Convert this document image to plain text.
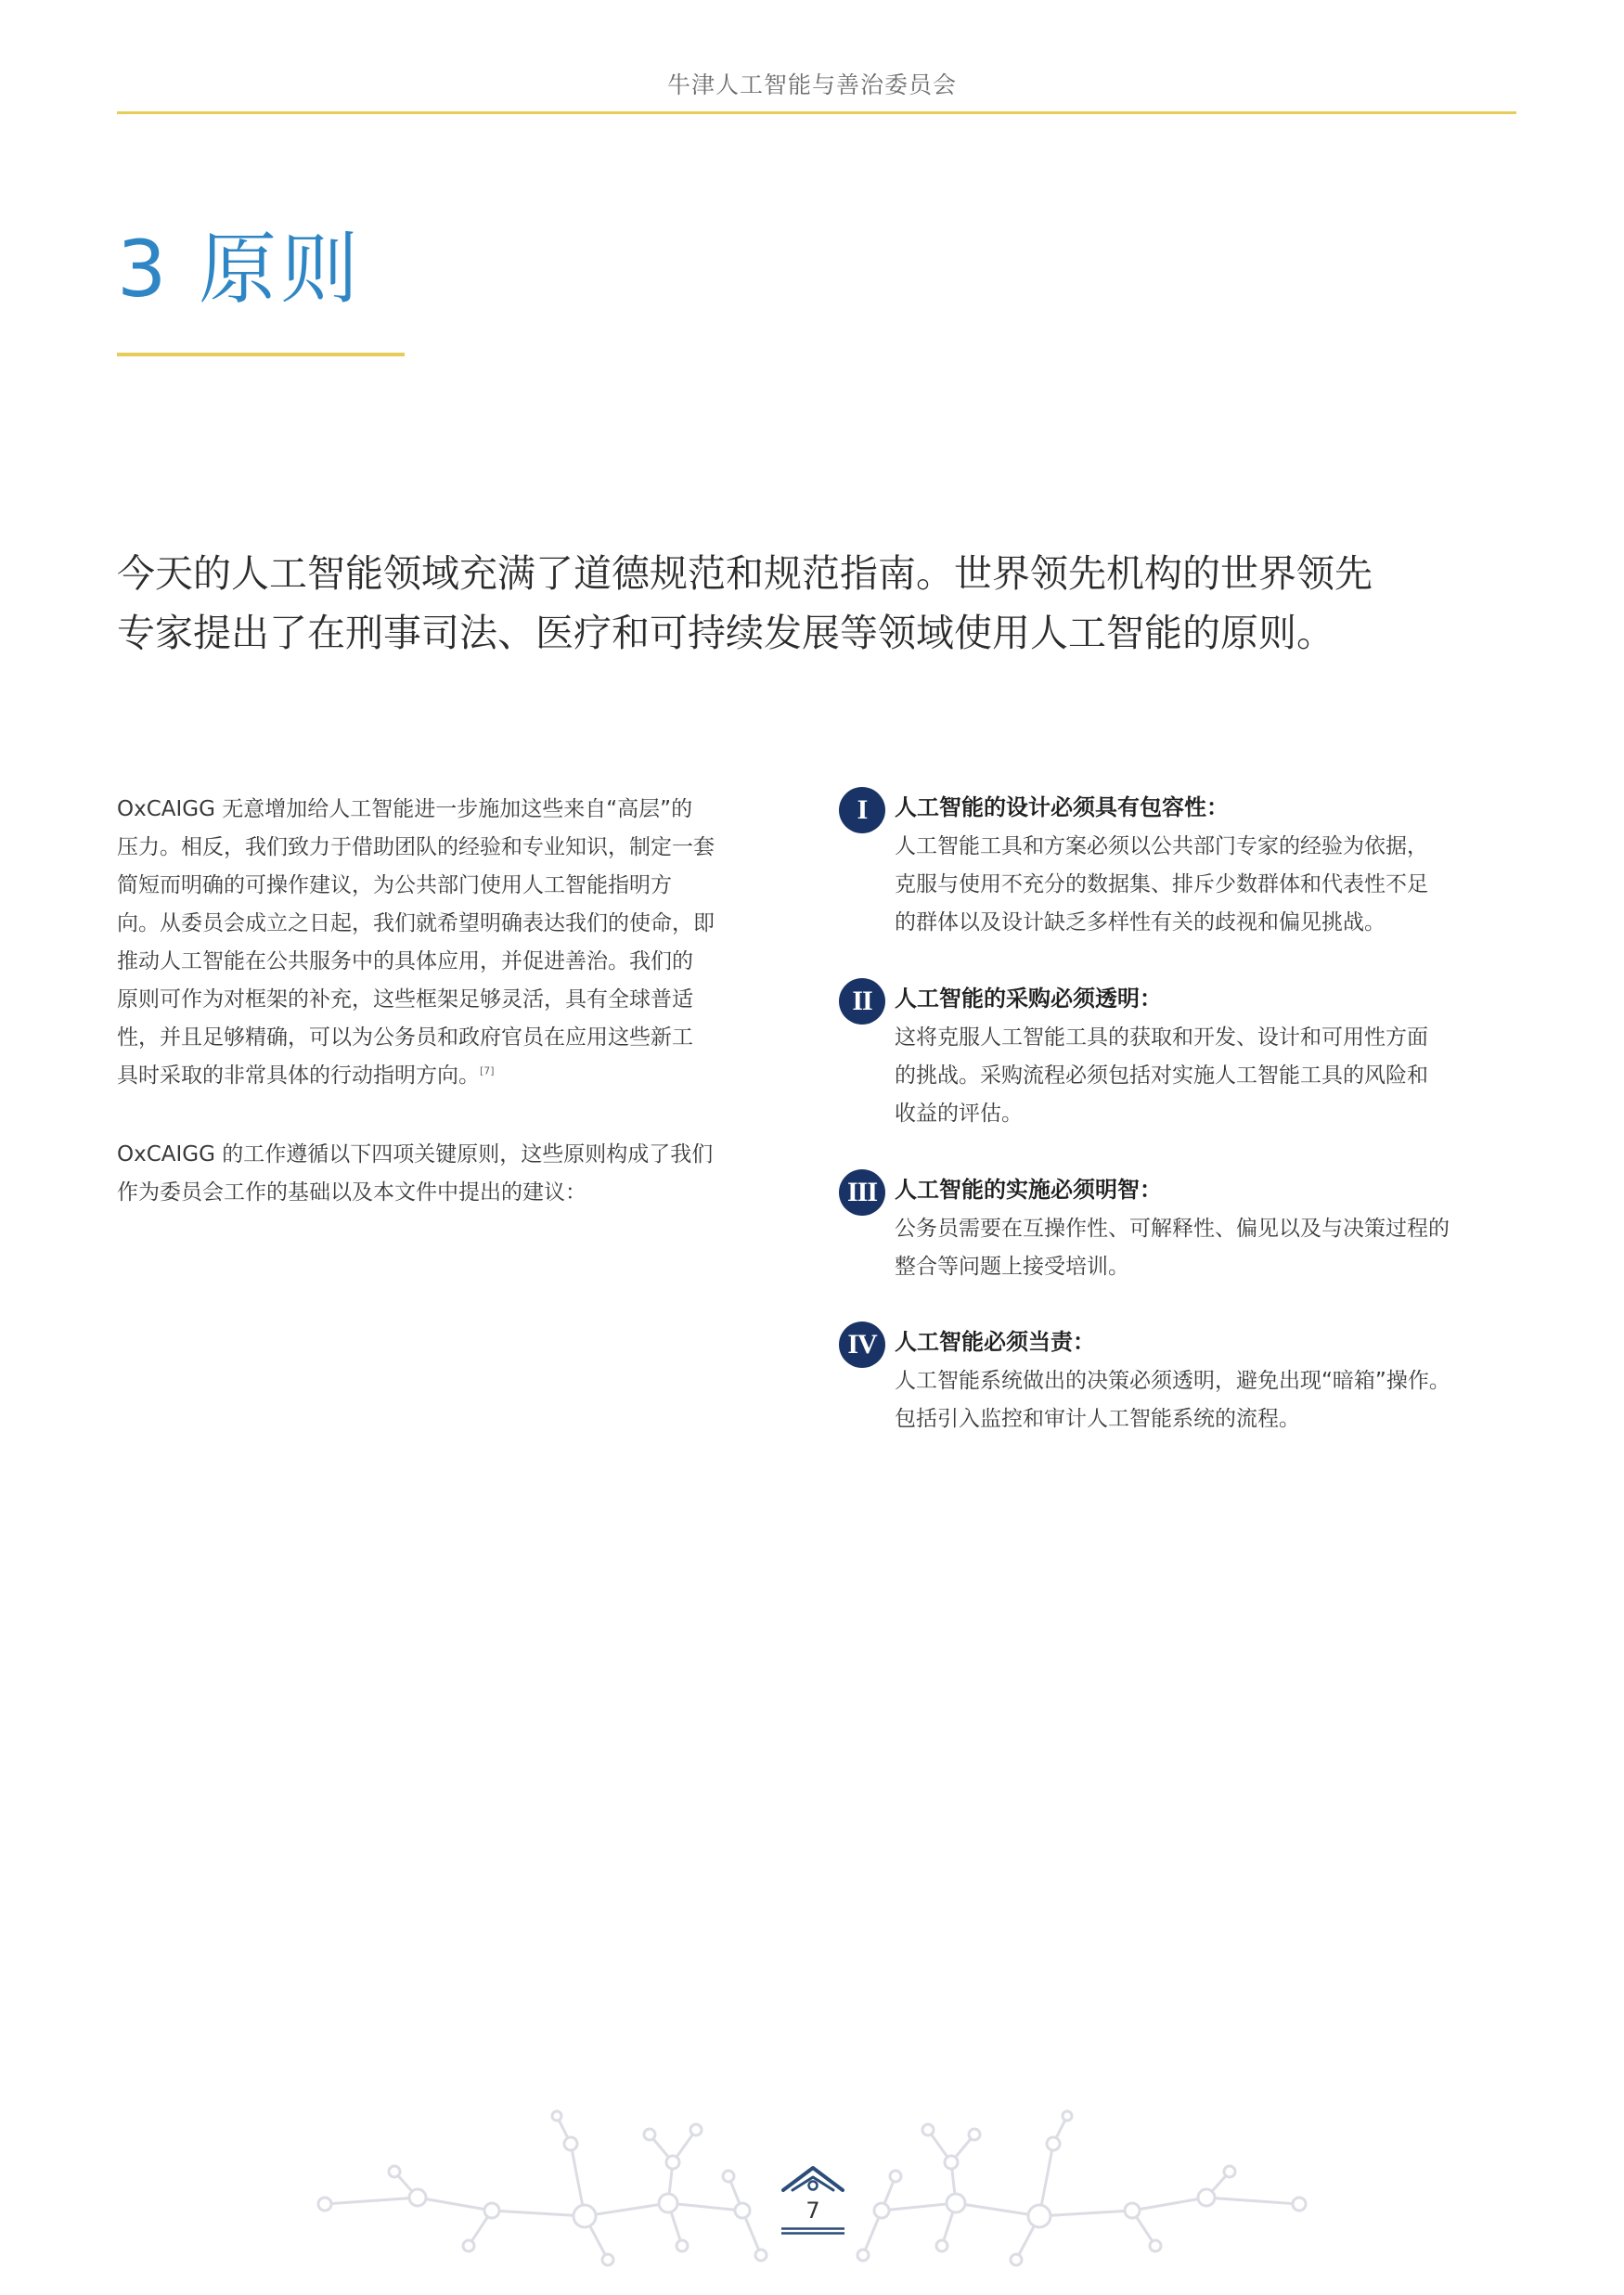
牛津人工智能与善治委员会
3 原则

今天的人工智能领域充满了道德规范和规范指南。世界领先机构的世界领先

专家提出了在刑事司法、医疗和可持续发展等领域使用人工智能的原则。

OxCAIGG 无意增加给人工智能进一步施加这些来自“高层”的

压力。相反，我们致力于借助团队的经验和专业知识，制定一套

简短而明确的可操作建议，为公共部门使用人工智能指明方

向。从委员会成立之日起，我们就希望明确表达我们的使命，即

推动人工智能在公共服务中的具体应用，并促进善治。我们的

原则可作为对框架的补充，这些框架足够灵活，具有全球普适

性，并且足够精确，可以为公务员和政府官员在应用这些新工

具时采取的非常具体的行动指明方向。[7]

OxCAIGG 的工作遵循以下四项关键原则，这些原则构成了我们

作为委员会工作的基础以及本文件中提出的建议：

I	人工智能的设计必须具有包容性：

人工智能工具和方案必须以公共部门专家的经验为依据，

克服与使用不充分的数据集、排斥少数群体和代表性不足

的群体以及设计缺乏多样性有关的歧视和偏见挑战。

II	人工智能的采购必须透明：

这将克服人工智能工具的获取和开发、设计和可用性方面

的挑战。采购流程必须包括对实施人工智能工具的风险和

收益的评估。

III 人工智能的实施必须明智：

公务员需要在互操作性、可解释性、偏见以及与决策过程的

整合等问题上接受培训。

IV 人工智能必须当责：

人工智能系统做出的决策必须透明，避免出现“暗箱”操作。

包括引入监控和审计人工智能系统的流程。

7
